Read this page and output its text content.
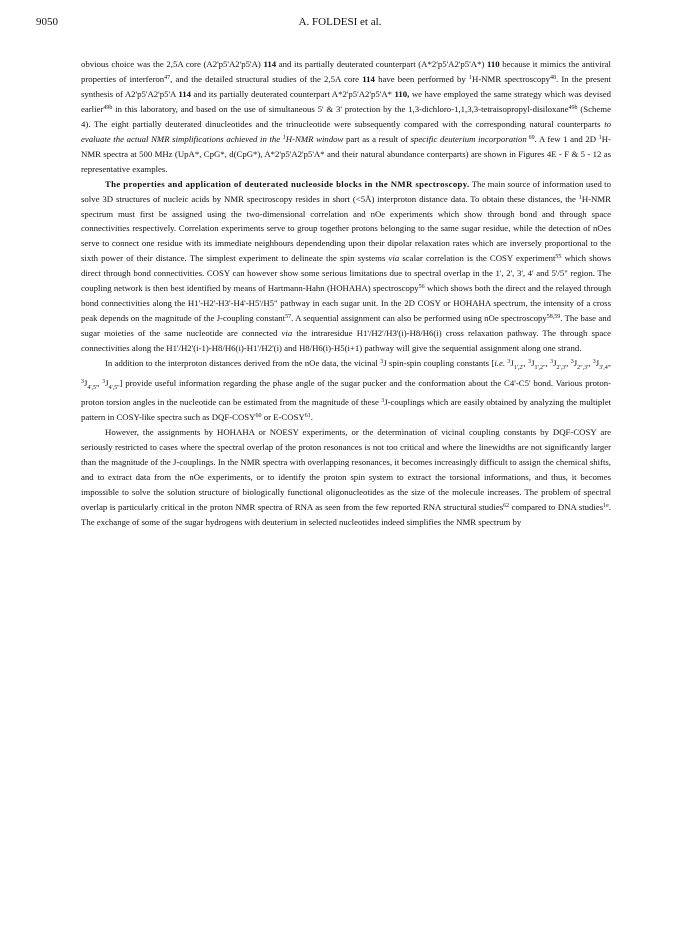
9050	A. FOLDESI et al.

obvious choice was the 2,5A core (A2'p5'A2'p5'A) 114 and its partially deuterated counterpart (A*2'p5'A2'p5'A*) 110 because it mimics the antiviral properties of interferon$^{47}$, and the detailed structural studies of the 2,5A core 114 have been performed by $^1$H-NMR spectroscopy$^{48}$. In the present synthesis of A2'p5'A2'p5'A 114 and its partially deuterated counterpart A*2'p5'A2'p5'A* 110, we have employed the same strategy which was devised earlier$^{49b}$ in this laboratory, and based on the use of simultaneous 5' & 3' protection by the 1,3-dichloro-1,1,3,3-tetraisopropyl-disiloxane$^{49b}$ (Scheme 4). The eight partially deuterated dinucleotides and the trinucleotide were subsequently compared with the corresponding natural counterparts to evaluate the actual NMR simplifications achieved in the $^1$H-NMR window part as a result of specific deuterium incorporation $^{69}$. A few 1 and 2D $^1$H-NMR spectra at 500 MHz (UpA*, CpG*, d(CpG*), A*2'p5'A2'p5'A* and their natural abundance conterparts) are shown in Figures 4E - F & 5 - 12 as representative examples.

The properties and application of deuterated nucleoside blocks in the NMR spectroscopy. The main source of information used to solve 3D structures of nucleic acids by NMR spectroscopy resides in short (<5Å) interproton distance data. To obtain these distances, the $^1$H-NMR spectrum must first be assigned using the two-dimensional correlation and nOe experiments which show through bond and through space connectivities respectively. Correlation experiments serve to group together protons belonging to the same sugar residue, while the detection of nOes serve to connect one residue with its immediate neighbours dependending upon their dipolar relaxation rates which are inversely proportional to the sixth power of their distance. The simplest experiment to delineate the spin systems via scalar correlation is the COSY experiment$^{55}$ which shows direct through bond connectivities. COSY can however show some serious limitations due to spectral overlap in the 1', 2', 3', 4' and 5'/5" region. The coupling network is then best identified by means of Hartmann-Hahn (HOHAHA) spectroscopy$^{56}$ which shows both the direct and the relayed through bond connectivities along the H1'-H2'-H3'-H4'-H5'/H5" pathway in each sugar unit. In the 2D COSY or HOHAHA spectrum, the intensity of a cross peak depends on the magnitude of the J-coupling constant$^{57}$. A sequential assignment can also be performed using nOe spectroscopy$^{58,59}$. The base and sugar moieties of the same nucleotide are connected via the intraresidue H1'/H2'/H3'(i)-H8/H6(i) cross relaxation pathway. The through space connectivities along the H1'/H2'(i-1)-H8/H6(i)-H1'/H2'(i) and H8/H6(i)-H5(i+1) pathway will give the sequential assignment along one strand.

In addition to the interproton distances derived from the nOe data, the vicinal $^3$J spin-spin coupling constants [i.e. $^3J_{1',2'}$, $^3J_{1',2"}$, $^3J_{2',3'}$, $^3J_{2",3'}$, $^3J_{3',4'}$, $^3J_{4',5'}$, $^3J_{4',5"}$] provide useful information regarding the phase angle of the sugar pucker and the conformation about the C4'-C5' bond. Various proton-proton torsion angles in the nucleotide can be estimated from the magnitude of these $^3$J-couplings which are easily obtained by analyzing the multiplet pattern in COSY-like spectra such as DQF-COSY$^{60}$ or E-COSY$^{61}$.

However, the assignments by HOHAHA or NOESY experiments, or the determination of vicinal coupling constants by DQF-COSY are seriously restricted to cases where the spectral overlap of the proton resonances is not too critical and where the linewidths are not significantly larger than the magnitude of the J-couplings. In the NMR spectra with overlapping resonances, it becomes increasingly difficult to assign the chemical shifts, and to extract data from the nOe experiments, or to identify the proton spin system to extract the torsional informations, and thus, it becomes impossible to solve the solution structure of biologically functional oligonucleotides as the size of the molecule increases. The problem of spectral overlap is particularly critical in the proton NMR spectra of RNA as seen from the few reported RNA structural studies$^{62}$ compared to DNA studies$^{1e}$. The exchange of some of the sugar hydrogens with deuterium in selected nucleotides indeed simplifies the NMR spectrum by
